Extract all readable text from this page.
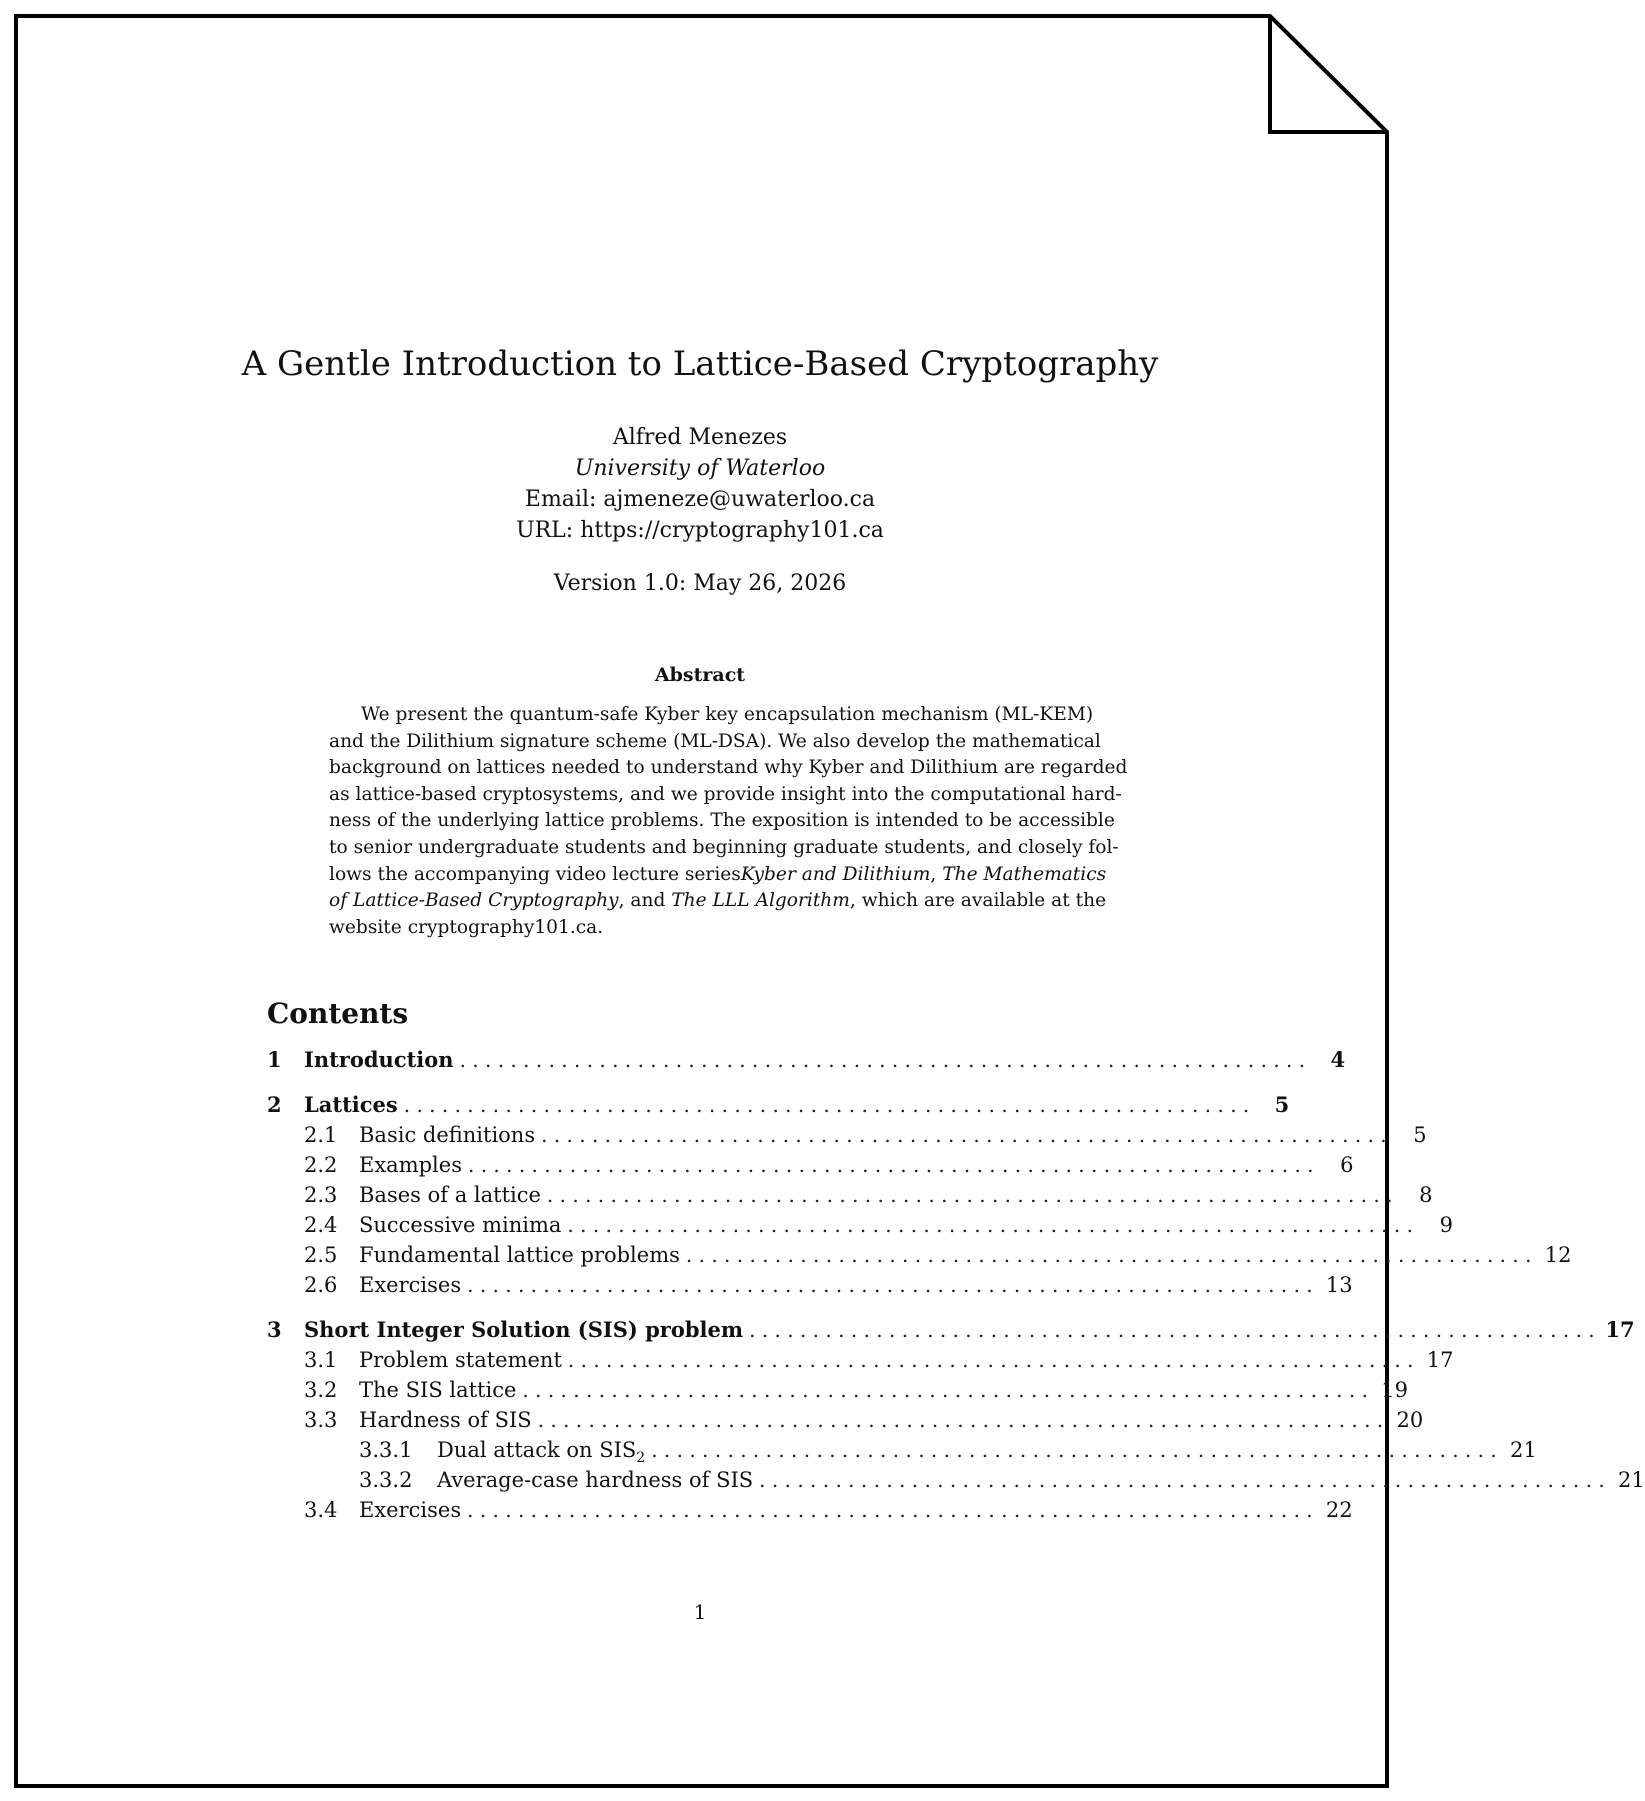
A Gentle Introduction to Lattice-Based Cryptography
Alfred Menezes
University of Waterloo
Email: ajmeneze@uwaterloo.ca
URL: https://cryptography101.ca
Version 1.0: May 26, 2026
Abstract
We present the quantum-safe Kyber key encapsulation mechanism (ML-KEM)
and the Dilithium signature scheme (ML-DSA). We also develop the mathematical
background on lattices needed to understand why Kyber and Dilithium are regarded
as lattice-based cryptosystems, and we provide insight into the computational hard-
ness of the underlying lattice problems. The exposition is intended to be accessible
to senior undergraduate students and beginning graduate students, and closely fol-
lows the accompanying video lecture series Kyber and Dilithium, The Mathematics
of Lattice-Based Cryptography, and The LLL Algorithm , which are available at the
website cryptography101.ca.
Contents
1	Introduction . . . . . . . . . . . . . . . . . . . . . . . . . . . . . . . . . . . . . . . . . . . . . . . . . . . . . . . . . . . . . . . . . . .	4
2	Lattices . . . . . . . . . . . . . . . . . . . . . . . . . . . . . . . . . . . . . . . . . . . . . . . . . . . . . . . . . . . . . . . . . . .	5
2.1	Basic definitions . . . . . . . . . . . . . . . . . . . . . . . . . . . . . . . . . . . . . . . . . . . . . . . . . . . . . . . . . . . . . . . . . . .	5
2.2	Examples . . . . . . . . . . . . . . . . . . . . . . . . . . . . . . . . . . . . . . . . . . . . . . . . . . . . . . . . . . . . . . . . . . .	6
2.3	Bases of a lattice . . . . . . . . . . . . . . . . . . . . . . . . . . . . . . . . . . . . . . . . . . . . . . . . . . . . . . . . . . . . . . . . . . .	8
2.4	Successive minima . . . . . . . . . . . . . . . . . . . . . . . . . . . . . . . . . . . . . . . . . . . . . . . . . . . . . . . . . . . . . . . . . . .	9
2.5	Fundamental lattice problems . . . . . . . . . . . . . . . . . . . . . . . . . . . . . . . . . . . . . . . . . . . . . . . . . . . . . . . . . . . . . . . . . . . 12
2.6	Exercises . . . . . . . . . . . . . . . . . . . . . . . . . . . . . . . . . . . . . . . . . . . . . . . . . . . . . . . . . . . . . . . . . . . 13
3	Short Integer Solution (SIS) problem . . . . . . . . . . . . . . . . . . . . . . . . . . . . . . . . . . . . . . . . . . . . . . . . . . . . . . . . . . . . . . . . . . . 17
3.1	Problem statement . . . . . . . . . . . . . . . . . . . . . . . . . . . . . . . . . . . . . . . . . . . . . . . . . . . . . . . . . . . . . . . . . . . 17
3.2	The SIS lattice . . . . . . . . . . . . . . . . . . . . . . . . . . . . . . . . . . . . . . . . . . . . . . . . . . . . . . . . . . . . . . . . . . . 19
3.3	Hardness of SIS . . . . . . . . . . . . . . . . . . . . . . . . . . . . . . . . . . . . . . . . . . . . . . . . . . . . . . . . . . . . . . . . . . . 20
3.3.1	Dual attack on $SIS_2$ . . . . . . . . . . . . . . . . . . . . . . . . . . . . . . . . . . . . . . . . . . . . . . . . . . . . . . . . . . . . . . . . . . . 21
3.3.2	Average-case hardness of SIS . . . . . . . . . . . . . . . . . . . . . . . . . . . . . . . . . . . . . . . . . . . . . . . . . . . . . . . . . . . . . . . . . . . 21
3.4	Exercises . . . . . . . . . . . . . . . . . . . . . . . . . . . . . . . . . . . . . . . . . . . . . . . . . . . . . . . . . . . . . . . . . . . 22
1
